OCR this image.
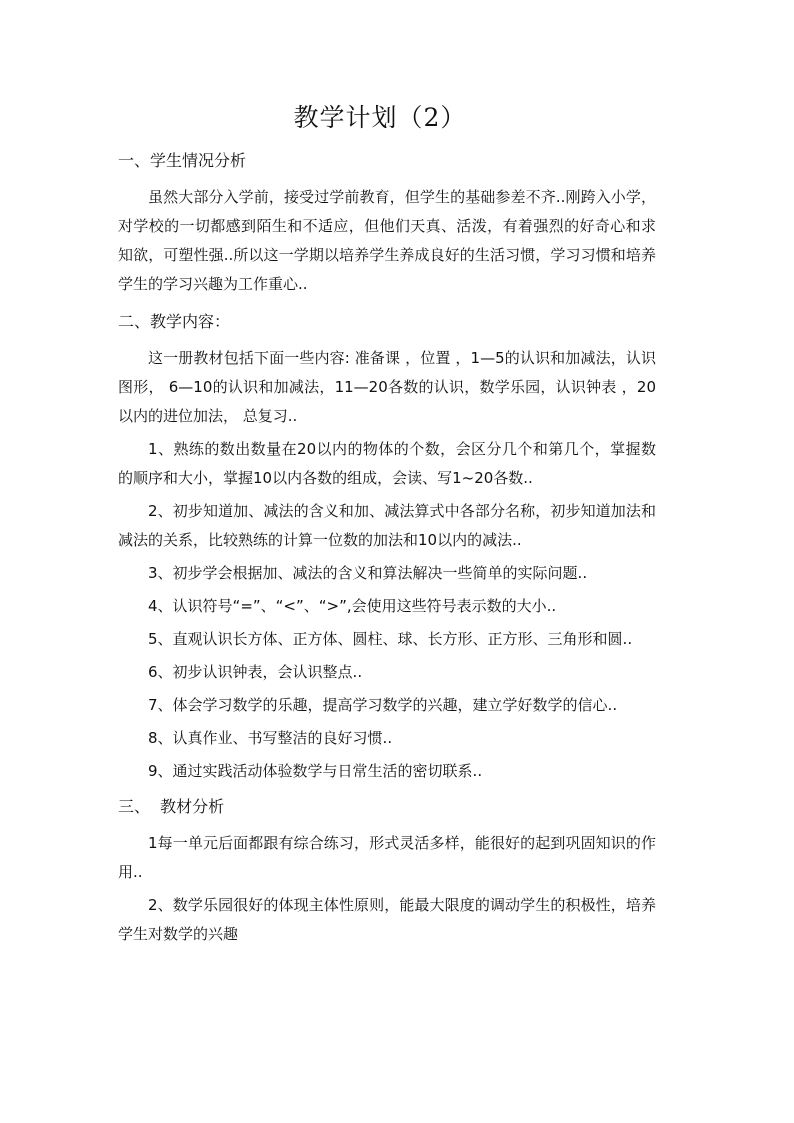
教学计划（2）
一、学生情况分析

虽然大部分入学前，接受过学前教育，但学生的基础参差不齐..刚跨入小学，对学校的一切都感到陌生和不适应，但他们天真、活泼，有着强烈的好奇心和求知欲，可塑性强..所以这一学期以培养学生养成良好的生活习惯，学习习惯和培养学生的学习兴趣为工作重心..

二、教学内容：

这一册教材包括下面一些内容: 准备课 ，位置 ，1—5的认识和加减法，认识图形， 6—10的认识和加减法，11—20各数的认识，数学乐园，认识钟表 ，20以内的进位加法， 总复习..

1、熟练的数出数量在20以内的物体的个数，会区分几个和第几个，掌握数的顺序和大小，掌握10以内各数的组成，会读、写1~20各数..

2、初步知道加、减法的含义和加、减法算式中各部分名称，初步知道加法和减法的关系，比较熟练的计算一位数的加法和10以内的减法..

3、初步学会根据加、减法的含义和算法解决一些简单的实际问题..

4、认识符号“=”、“<”、“>”,会使用这些符号表示数的大小..

5、直观认识长方体、正方体、圆柱、球、长方形、正方形、三角形和圆..

6、初步认识钟表，会认识整点..

7、体会学习数学的乐趣，提高学习数学的兴趣，建立学好数学的信心..

8、认真作业、书写整洁的良好习惯..

9、通过实践活动体验数学与日常生活的密切联系..

三、  教材分析

1每一单元后面都跟有综合练习，形式灵活多样，能很好的起到巩固知识的作用..

2、数学乐园很好的体现主体性原则，能最大限度的调动学生的积极性，培养学生对数学的兴趣
